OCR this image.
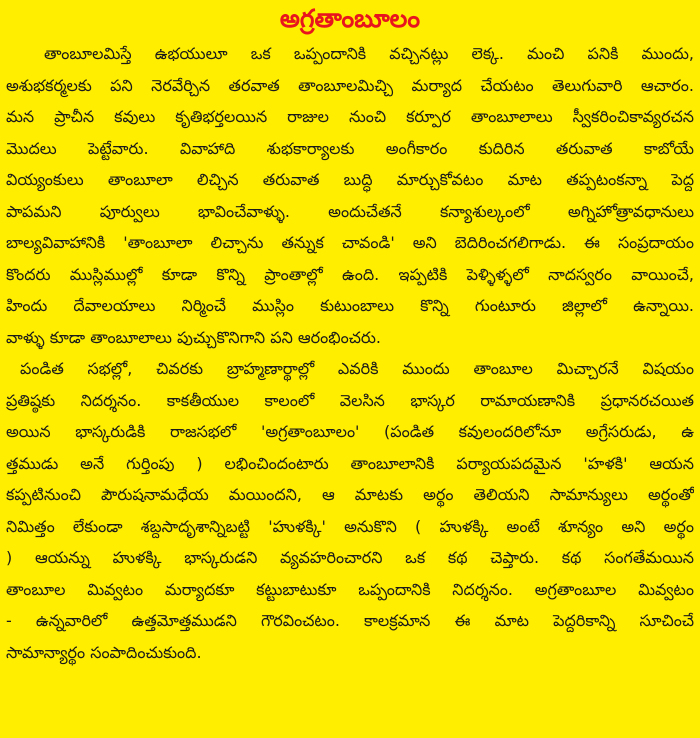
అగ్రతాంబూలం
తాంబూలమిస్తే ఉభయులూ ఒక ఒప్పందానికి వచ్చినట్లు లెక్క. మంచి పనికి ముందు,
అశుభకర్మలకు పని నెరవేర్చిన తరవాత తాంబూలమిచ్చి మర్యాద చేయటం తెలుగువారి ఆచారం.
మన ప్రాచీన కవులు కృతిభర్తలయిన రాజుల నుంచి కర్పూర తాంబూలాలు స్వీకరించికావ్యరచన
మొదలు పెట్టేవారు. వివాహాది శుభకార్యాలకు అంగీకారం కుదిరిన తరువాత కాబోయే
వియ్యంకులు తాంబూలా లిచ్చిన తరువాత బుద్ధి మార్చుకోవటం మాట తప్పటంకన్నా పెద్ద
పాపమని పూర్వులు భావించేవాళ్ళు. అందుచేతనే కన్యాశుల్కంలో అగ్నిహోత్రావధానులు
బాల్యవివాహానికి 'తాంబూలా లిచ్చాను తన్నుక చావండి' అని బెదిరించగలిగాడు. ఈ సంప్రదాయం
కొందరు ముస్లిముల్లో కూడా కొన్ని ప్రాంతాల్లో ఉంది. ఇప్పటికి పెళ్ళిళ్ళలో నాదస్వరం వాయించే,
హిందు దేవాలయాలు నిర్మించే ముస్లిం కుటుంబాలు కొన్ని గుంటూరు జిల్లాలో ఉన్నాయి.
వాళ్ళు కూడా తాంబూలాలు పుచ్చుకొనిగాని పని ఆరంభించరు.
పండిత సభల్లో, చివరకు బ్రాహ్మణార్థాల్లో ఎవరికి ముందు తాంబూల మిచ్చారనే విషయం
ప్రతిష్ఠకు నిదర్శనం. కాకతీయుల కాలంలో వెలసిన భాస్కర రామాయణానికి ప్రధానరచయిత
అయిన భాస్కరుడికి రాజసభలో 'అగ్రతాంబూలం' (పండిత కవులందరిలోనూ అగ్రేసరుడు, ఉ
త్తముడు అనే గుర్తింపు ) లభించిందంటారు తాంబూలానికి పర్యాయపదమైన 'హళకి' ఆయన
కప్పటినుంచి పౌరుషనామధేయ మయిందని, ఆ మాటకు అర్థం తెలియని సామాన్యులు అర్థంతో
నిమిత్తం లేకుండా శబ్దసాదృశాన్నిబట్టి 'హుళక్కి' అనుకొని ( హుళక్కి అంటే శూన్యం అని అర్థం
) ఆయన్ను హుళక్కి భాస్కరుడని వ్యవహరించారని ఒక కథ చెప్తారు. కథ సంగతేమయిన
తాంబూల మివ్వటం మర్యాదకూ కట్టుబాటుకూ ఒప్పందానికి నిదర్శనం. అగ్రతాంబూల మివ్వటం
- ఉన్నవారిలో ఉత్తమోత్తముడని గౌరవించటం. కాలక్రమాన ఈ మాట పెద్దరికాన్ని సూచించే
సామాన్యార్థం సంపాదించుకుంది.
